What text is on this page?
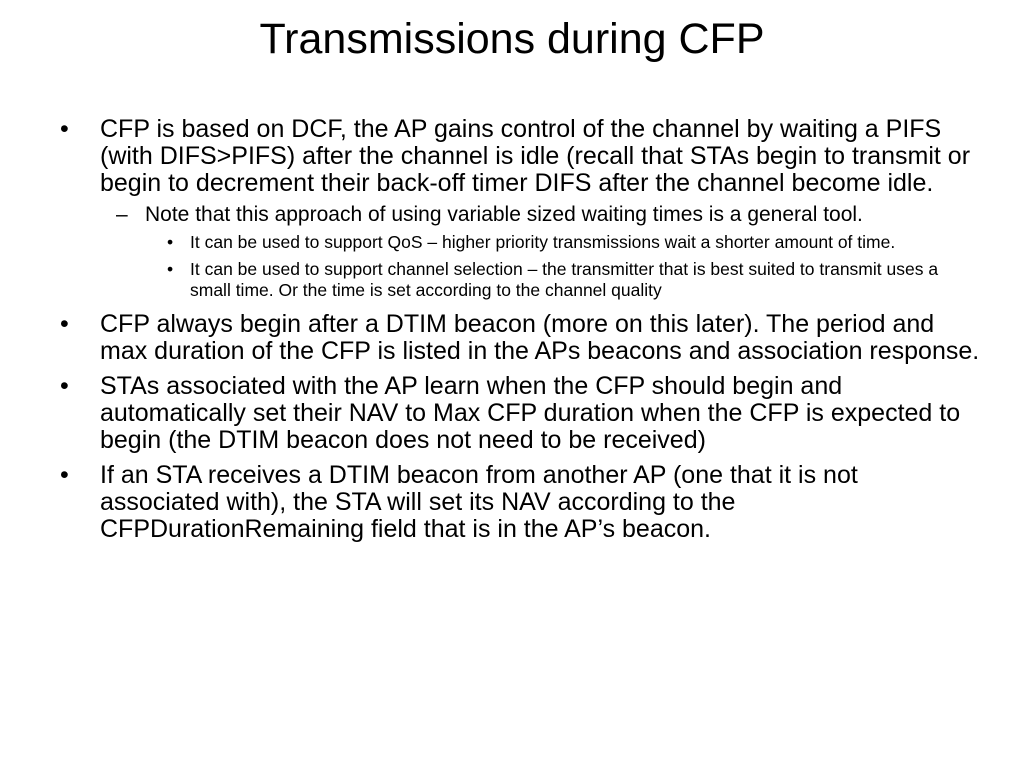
Transmissions during CFP
• CFP is based on DCF, the AP gains control of the channel by waiting a PIFS (with DIFS>PIFS) after the channel is idle (recall that STAs begin to transmit or begin to decrement their back-off timer DIFS after the channel become idle.
– Note that this approach of using variable sized waiting times is a general tool.
• It can be used to support QoS – higher priority transmissions wait a shorter amount of time.
• It can be used to support channel selection – the transmitter that is best suited to transmit uses a small time. Or the time is set according to the channel quality
• CFP always begin after a DTIM beacon (more on this later). The period and max duration of the CFP is listed in the APs beacons and association response.
• STAs associated with the AP learn when the CFP should begin and automatically set their NAV to Max CFP duration when the CFP is expected to begin (the DTIM beacon does not need to be received)
• If an STA receives a DTIM beacon from another AP (one that it is not associated with), the STA will set its NAV according to the CFPDurationRemaining field that is in the AP’s beacon.
